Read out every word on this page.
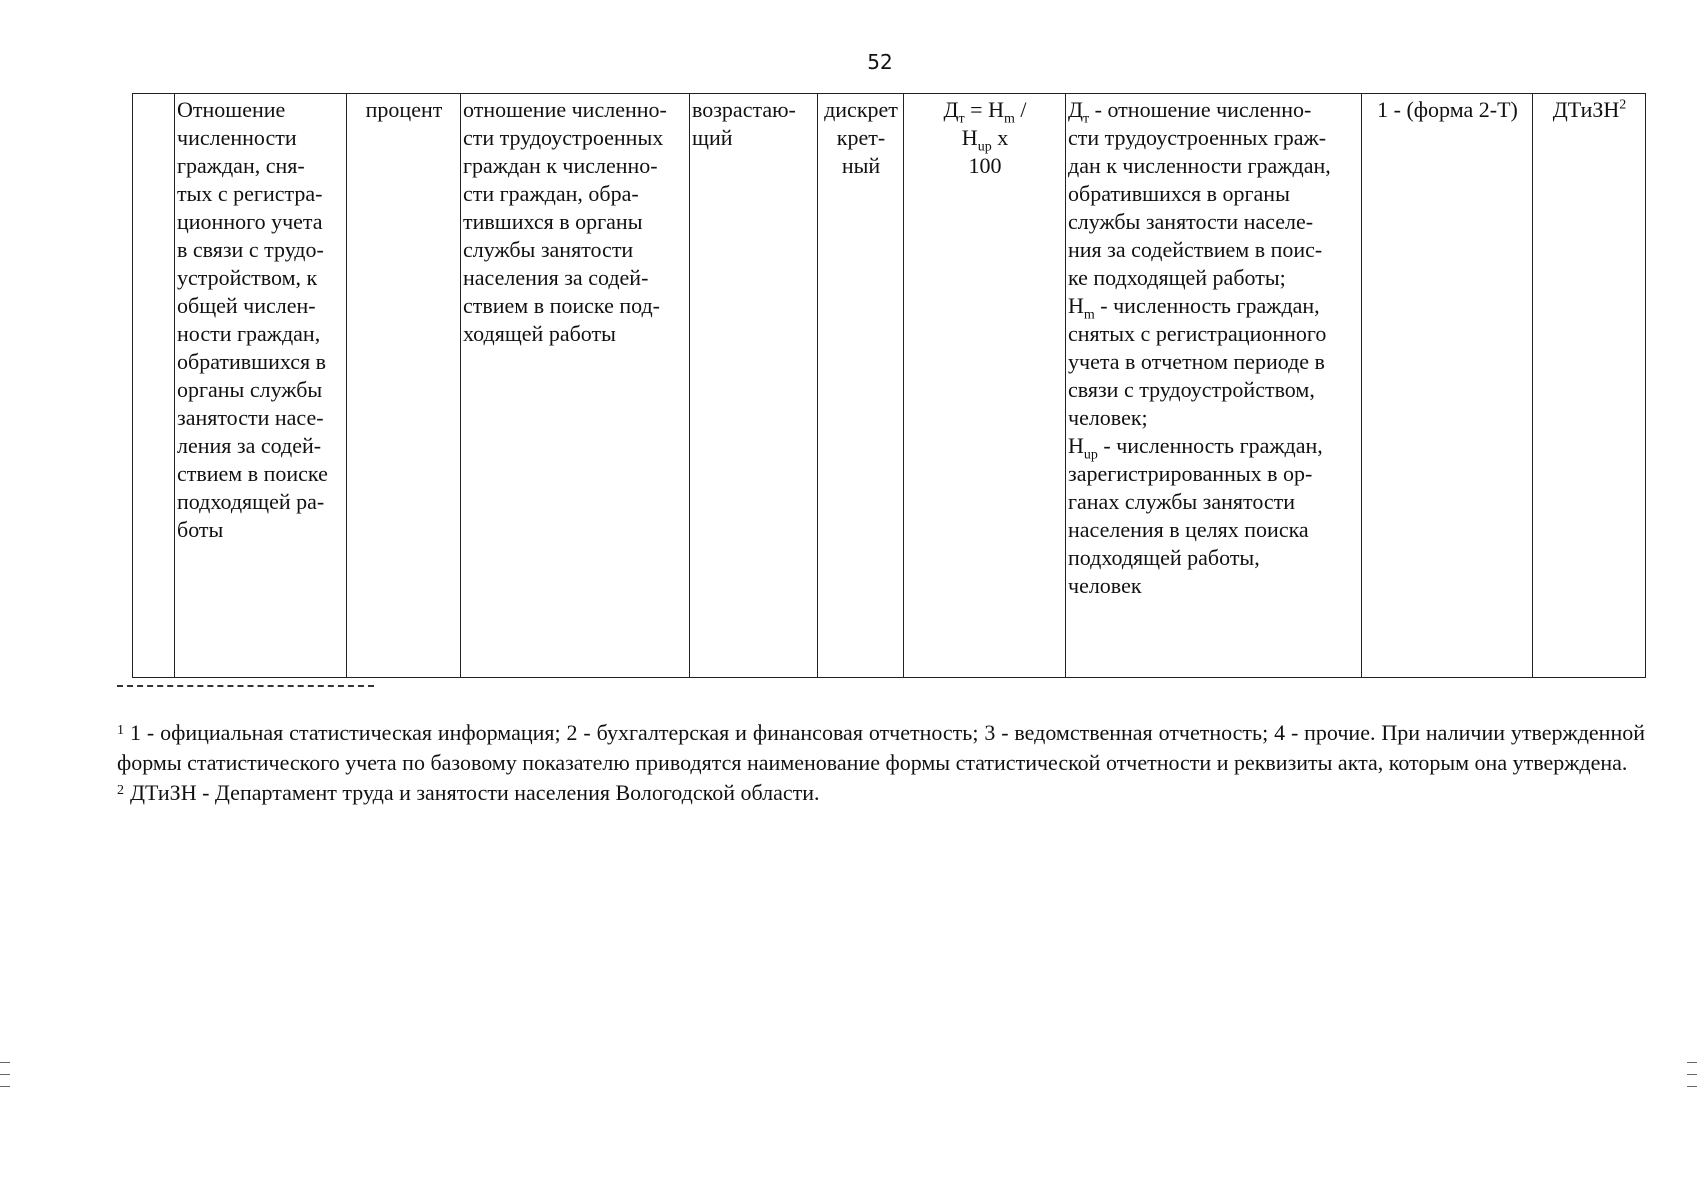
52
	Отношение
численности
граждан, сня-
тых с регистра-
ционного учета
в связи с трудо-
устройством, к
общей числен-
ности граждан,
обратившихся в
органы службы
занятости насе-
ления за содей-
ствием в поиске
подходящей ра-
боты	процент	отношение численно-
сти трудоустроенных
граждан к численно-
сти граждан, обра-
тившихся в органы
службы занятости
населения за содей-
ствием в поиске под-
ходящей работы	возрастаю-
щий	дискрет
крет-
ный	$Д_т = Н_m$ /
$Н_{up}$ х
100	$Д_т$ - отношение численно-
сти трудоустроенных граж-
дан к численности граждан,
обратившихся в органы
службы занятости населе-
ния за содействием в поис-
ке подходящей работы;
$Н_m$ - численность граждан,
снятых с регистрационного
учета в отчетном периоде в
связи с трудоустройством,
человек;
$Н_{up}$ - численность граждан,
зарегистрированных в ор-
ганах службы занятости
населения в целях поиска
подходящей работы,
человек	1 - (форма 2-Т)	ДТиЗН$^2$

$^1$ 1 - официальная статистическая информация; 2 - бухгалтерская и финансовая отчетность; 3 - ведомственная отчетность; 4 - прочие. При наличии утвержденной формы статистического учета по базовому показателю приводятся наименование формы статистической отчетности и реквизиты акта, которым она утверждена.

$^2$ ДТиЗН - Департамент труда и занятости населения Вологодской области.
